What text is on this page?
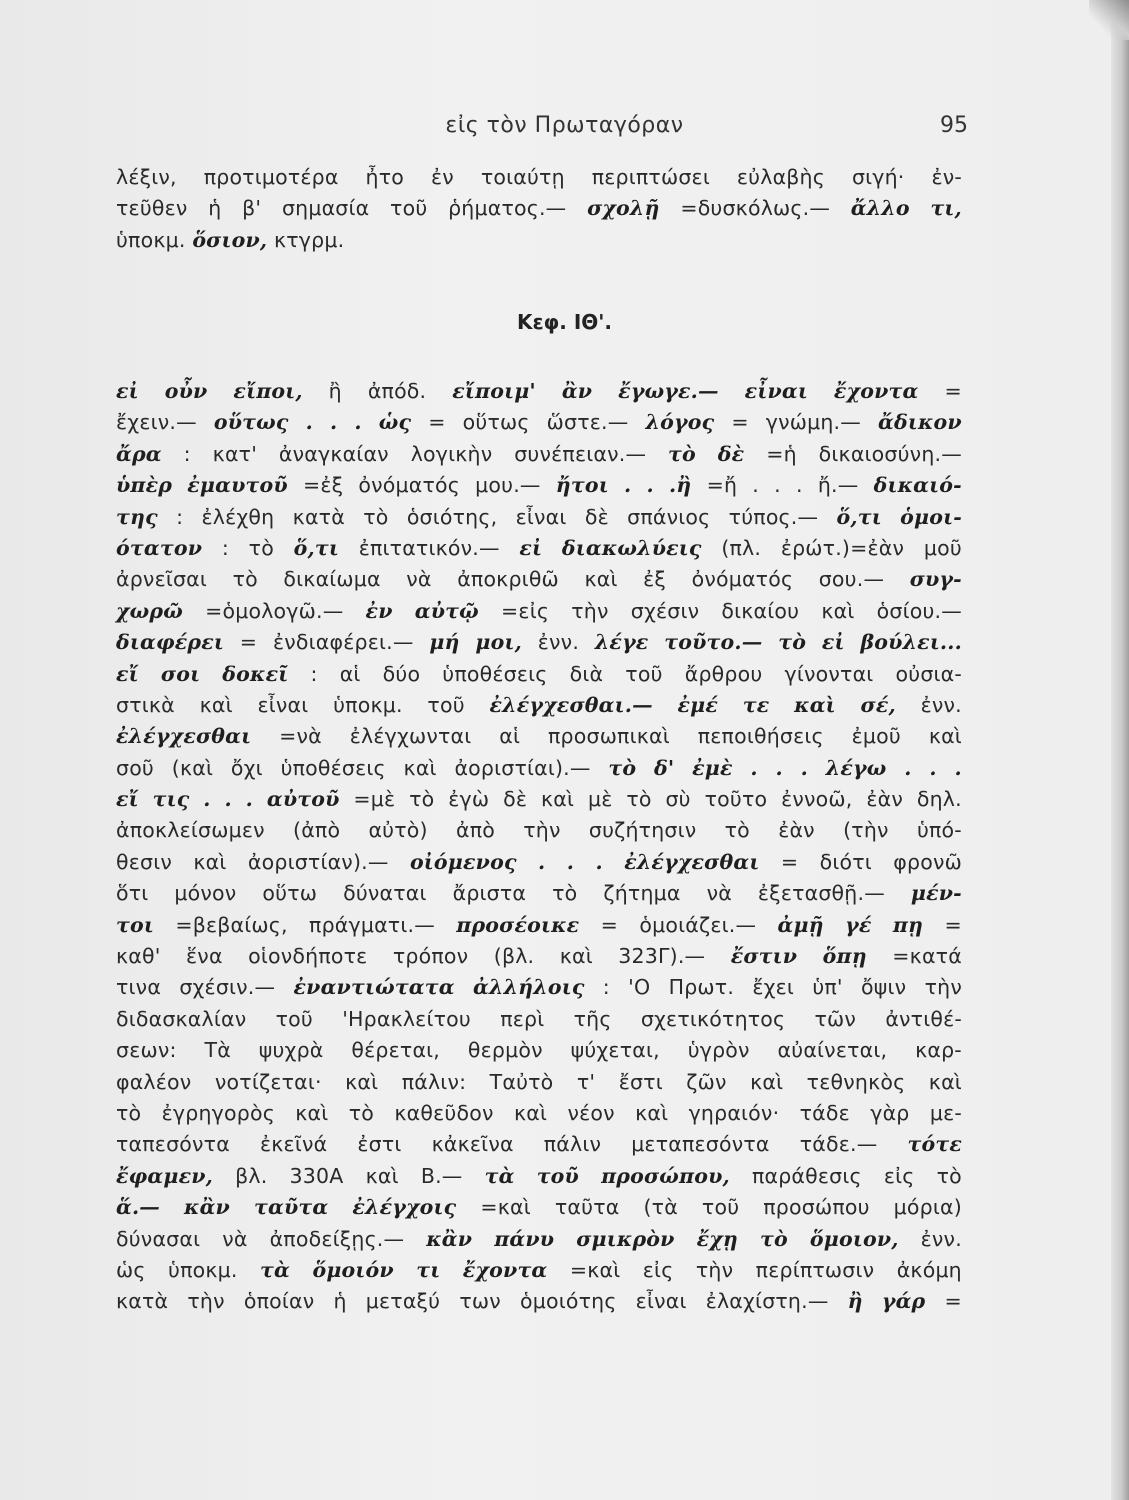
εἰς τὸν Πρωταγόραν	95
λέξιν, προτιμοτέρα ἦτο ἐν τοιαύτῃ περιπτώσει εὐλαβὴς σιγή· ἐν-
τεῦθεν ἡ β' σημασία τοῦ ῥήματος.— σχολῇ =δυσκόλως.— ἄλλο τι,
ὑποκμ. ὅσιον, κτγρμ.
Κεφ. ΙΘ'.
εἰ οὖν εἴποι, ἢ ἀπόδ. εἴποιμ' ἂν ἔγωγε.— εἶναι ἔχοντα =
ἔχειν.— οὕτως . . . ὡς = οὕτως ὥστε.— λόγος = γνώμη.— ἄδικον
ἄρα : κατ' ἀναγκαίαν λογικὴν συνέπειαν.— τὸ δὲ =ἡ δικαιοσύνη.—
ὑπὲρ ἐμαυτοῦ =ἐξ ὀνόματός μου.— ἤτοι . . .ἢ =ἤ . . . ἤ.— δικαιό-
της : ἐλέχθη κατὰ τὸ ὁσιότης, εἶναι δὲ σπάνιος τύπος.— ὅ,τι ὁμοι-
ότατον : τὸ ὅ,τι ἐπιτατικόν.— εἰ διακωλύεις (πλ. ἐρώτ.)=ἐὰν μοῦ
ἀρνεῖσαι τὸ δικαίωμα νὰ ἀποκριθῶ καὶ ἐξ ὀνόματός σου.— συγ-
χωρῶ =ὁμολογῶ.— ἐν αὐτῷ =εἰς τὴν σχέσιν δικαίου καὶ ὁσίου.—
διαφέρει = ἐνδιαφέρει.— μή μοι, ἐνν. λέγε τοῦτο.— τὸ εἰ βούλει...
εἴ σοι δοκεῖ : αἱ δύο ὑποθέσεις διὰ τοῦ ἄρθρου γίνονται οὐσια-
στικὰ καὶ εἶναι ὑποκμ. τοῦ ἐλέγχεσθαι.— ἐμέ τε καὶ σέ, ἐνν.
ἐλέγχεσθαι =νὰ ἐλέγχωνται αἱ προσωπικαὶ πεποιθήσεις ἐμοῦ καὶ
σοῦ (καὶ ὄχι ὑποθέσεις καὶ ἀοριστίαι).— τὸ δ' ἐμὲ . . . λέγω . . .
εἴ τις . . . αὐτοῦ =μὲ τὸ ἐγὼ δὲ καὶ μὲ τὸ σὺ τοῦτο ἐννοῶ, ἐὰν δηλ.
ἀποκλείσωμεν (ἀπὸ αὐτὸ) ἀπὸ τὴν συζήτησιν τὸ ἐὰν (τὴν ὑπό-
θεσιν καὶ ἀοριστίαν).— οἰόμενος . . . ἐλέγχεσθαι = διότι φρονῶ
ὅτι μόνον οὕτω δύναται ἄριστα τὸ ζήτημα νὰ ἐξετασθῇ.— μέν-
τοι =βεβαίως, πράγματι.— προσέοικε = ὁμοιάζει.— ἀμῇ γέ πῃ =
καθ' ἕνα οἱονδήποτε τρόπον (βλ. καὶ 323Γ).— ἔστιν ὅπῃ =κατά
τινα σχέσιν.— ἐναντιώτατα ἀλλήλοις : 'Ο Πρωτ. ἔχει ὑπ' ὄψιν τὴν
διδασκαλίαν τοῦ 'Ηρακλείτου περὶ τῆς σχετικότητος τῶν ἀντιθέ-
σεων: Τὰ ψυχρὰ θέρεται, θερμὸν ψύχεται, ὑγρὸν αὐαίνεται, καρ-
φαλέον νοτίζεται· καὶ πάλιν: Ταὐτὸ τ' ἔστι ζῶν καὶ τεθνηκὸς καὶ
τὸ ἐγρηγορὸς καὶ τὸ καθεῦδον καὶ νέον καὶ γηραιόν· τάδε γὰρ με-
ταπεσόντα ἐκεῖνά ἐστι κἀκεῖνα πάλιν μεταπεσόντα τάδε.— τότε
ἔφαμεν, βλ. 330Α καὶ Β.— τὰ τοῦ προσώπου, παράθεσις εἰς τὸ
ἅ.— κἂν ταῦτα ἐλέγχοις =καὶ ταῦτα (τὰ τοῦ προσώπου μόρια)
δύνασαι νὰ ἀποδείξῃς.— κἂν πάνυ σμικρὸν ἔχῃ τὸ ὅμοιον, ἐνν.
ὡς ὑποκμ. τὰ ὅμοιόν τι ἔχοντα =καὶ εἰς τὴν περίπτωσιν ἀκόμη
κατὰ τὴν ὁποίαν ἡ μεταξύ των ὁμοιότης εἶναι ἐλαχίστη.— ἢ γάρ =
